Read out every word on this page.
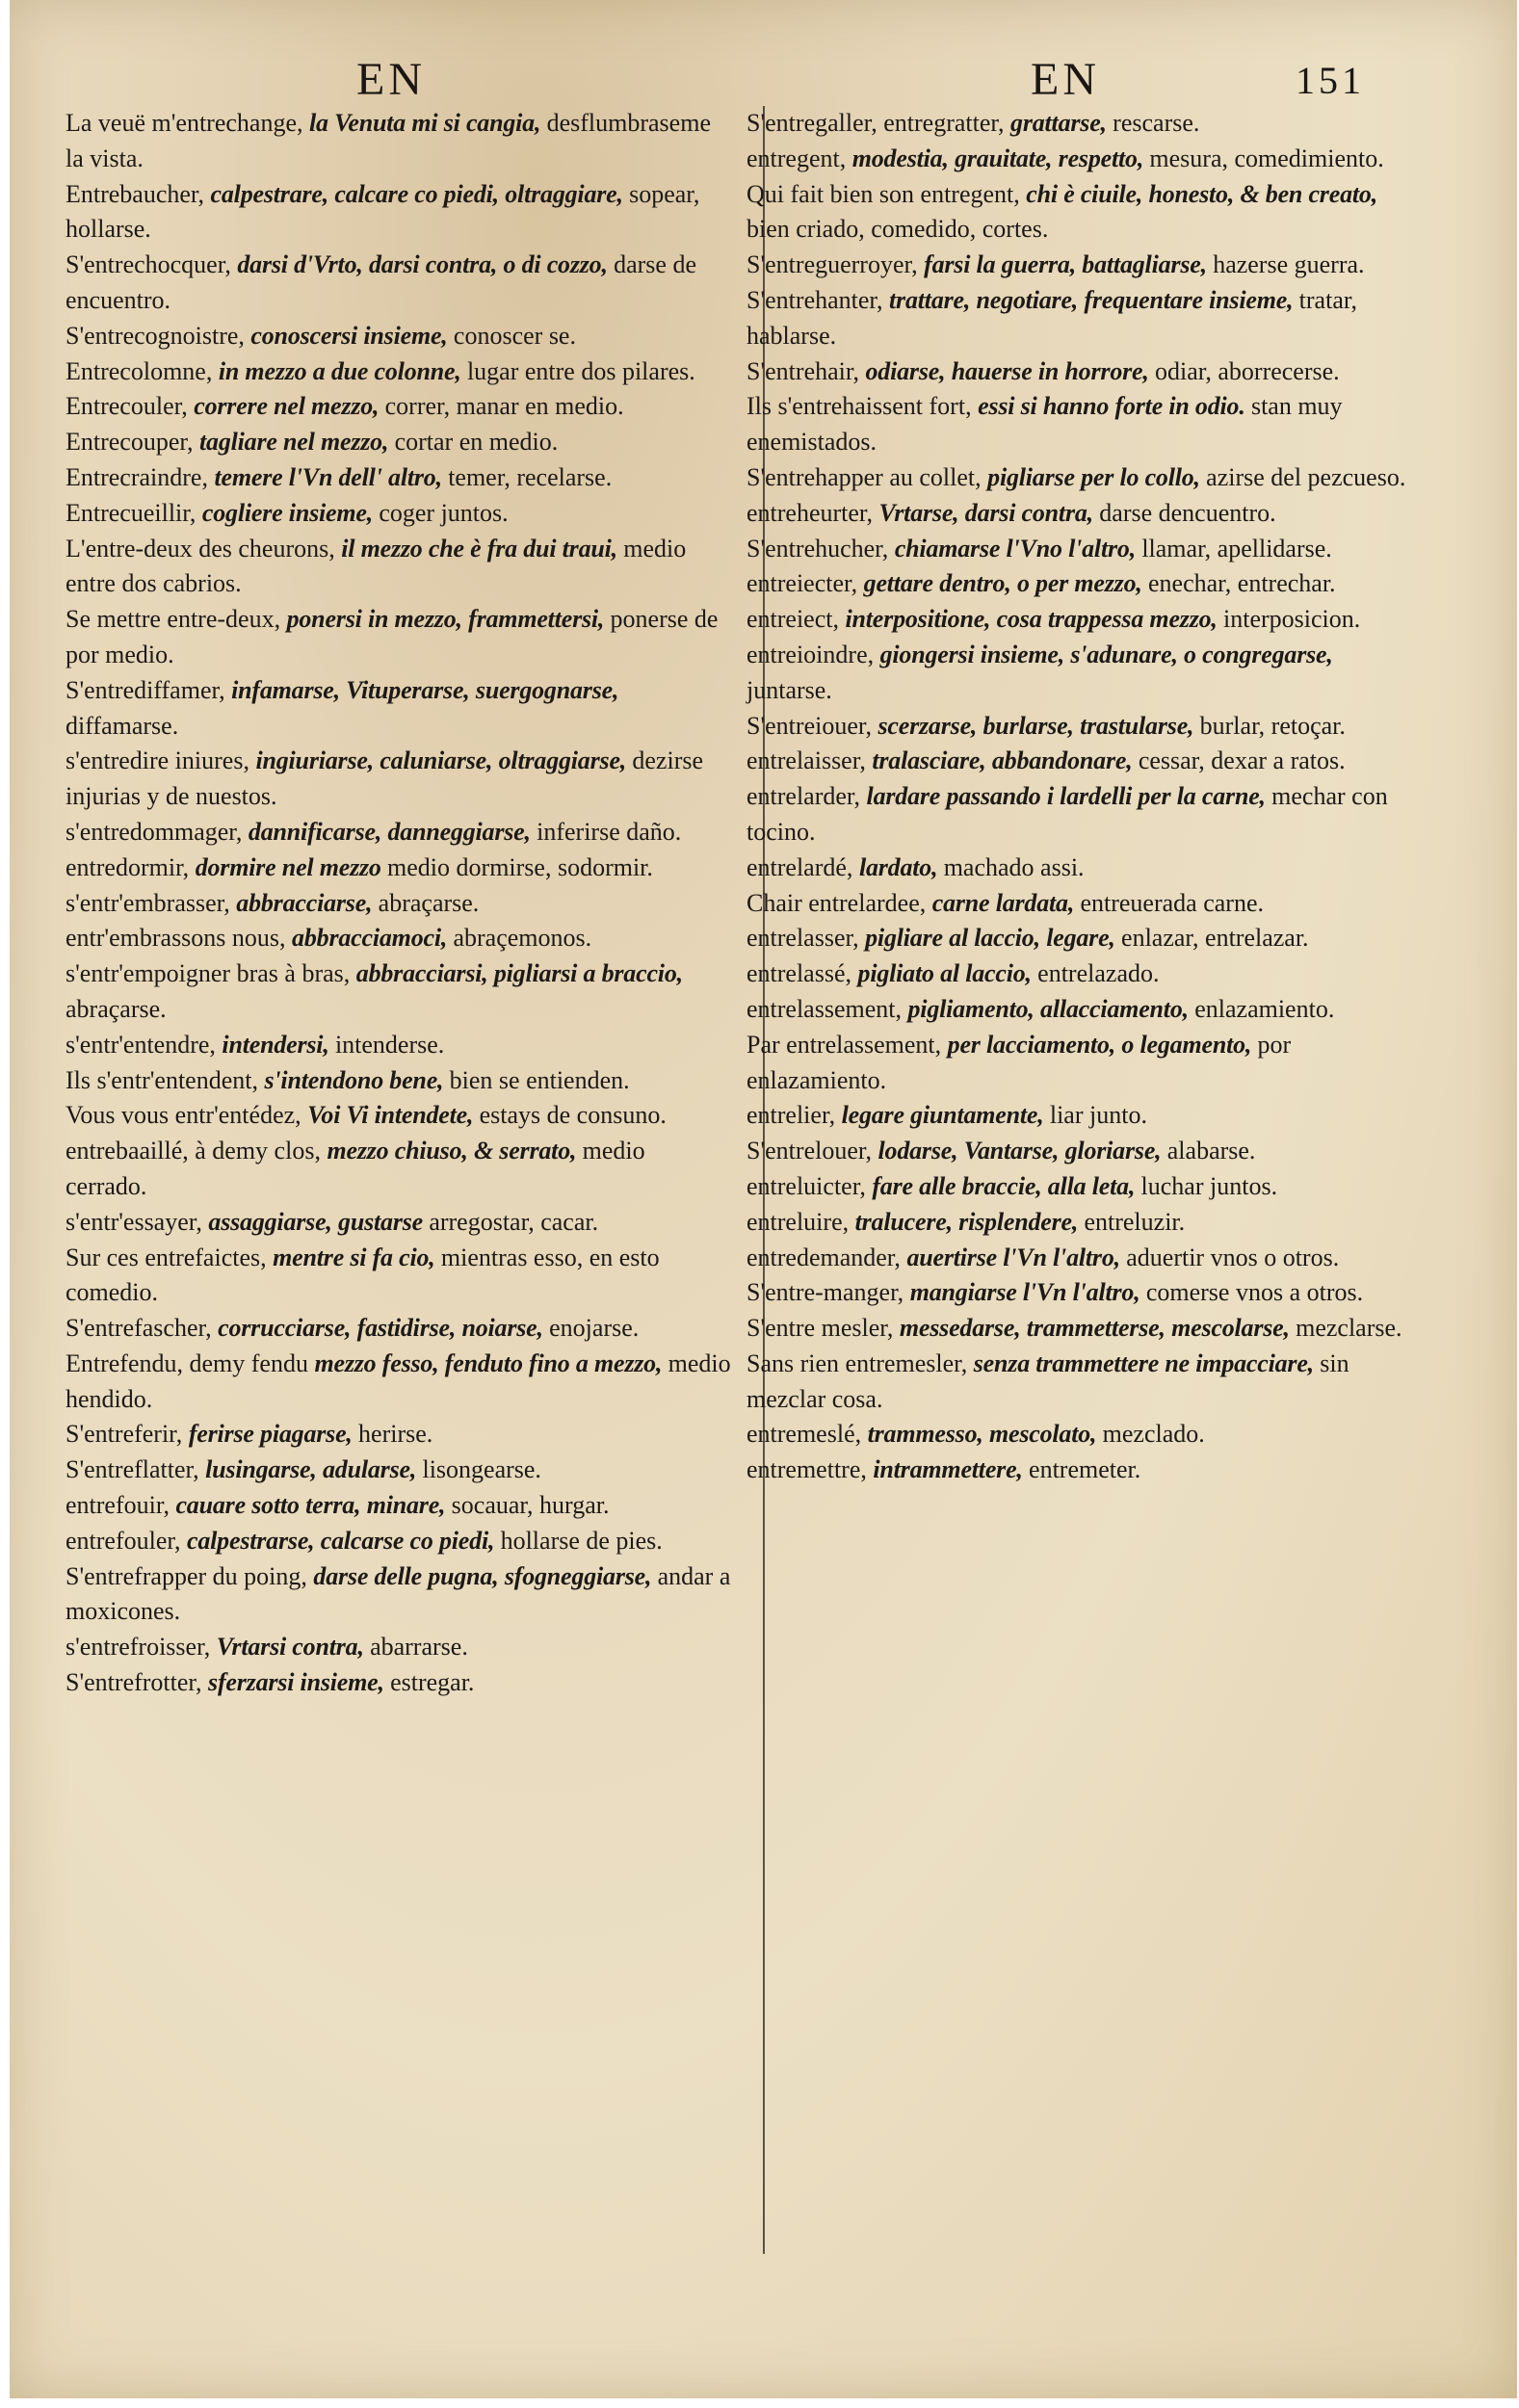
EN	EN	151

La veuë m'entrechange, la Venuta mi si cangia, desflumbraseme la vista.

Entrebaucher, calpestrare, calcare co piedi, oltraggiare, sopear, hollarse.

S'entrechocquer, darsi d'Vrto, darsi contra, o di cozzo, darse de encuentro.

S'entrecognoistre, conoscersi insieme, conoscer se.

Entrecolomne, in mezzo a due colonne, lugar entre dos pilares.

Entrecouler, correre nel mezzo, correr, manar en medio.

Entrecouper, tagliare nel mezzo, cortar en medio.

Entrecraindre, temere l'Vn dell' altro, temer, recelarse.

Entrecueillir, cogliere insieme, coger juntos.

L'entre-deux des cheurons, il mezzo che è fra dui traui, medio entre dos cabrios.

Se mettre entre-deux, ponersi in mezzo, frammettersi, ponerse de por medio.

S'entrediffamer, infamarse, Vituperarse, suergognarse, diffamarse.

s'entredire iniures, ingiuriarse, caluniarse, oltraggiarse, dezirse injurias y de nuestos.

s'entredommager, dannificarse, danneggiarse, inferirse daño.

entredormir, dormire nel mezzo medio dormirse, sodormir.

s'entr'embrasser, abbracciarse, abraçarse.

entr'embrassons nous, abbracciamoci, abraçemonos.

s'entr'empoigner bras à bras, abbracciarsi, pigliarsi a braccio, abraçarse.

s'entr'entendre, intendersi, intenderse.

Ils s'entr'entendent, s'intendono bene, bien se entienden.

Vous vous entr'entédez, Voi Vi intendete, estays de consuno.

entrebaaillé, à demy clos, mezzo chiuso, & serrato, medio cerrado.

s'entr'essayer, assaggiarse, gustarse arregostar, cacar.

Sur ces entrefaictes, mentre si fa cio, mientras esso, en esto comedio.

S'entrefascher, corrucciarse, fastidirse, noiarse, enojarse.

Entrefendu, demy fendu mezzo fesso, fenduto fino a mezzo, medio hendido.

S'entreferir, ferirse piagarse, herirse.

S'entreflatter, lusingarse, adularse, lisongearse.

entrefouir, cauare sotto terra, minare, socauar, hurgar.

entrefouler, calpestrarse, calcarse co piedi, hollarse de pies.

S'entrefrapper du poing, darse delle pugna, sfogneggiarse, andar a moxicones.

s'entrefroisser, Vrtarsi contra, abarrarse.

S'entrefrotter, sferzarsi insieme, estregar.

S'entregaller, entregratter, grattarse, rescarse.

entregent, modestia, grauitate, respetto, mesura, comedimiento.

Qui fait bien son entregent, chi è ciuile, honesto, & ben creato, bien criado, comedido, cortes.

S'entreguerroyer, farsi la guerra, battagliarse, hazerse guerra.

S'entrehanter, trattare, negotiare, frequentare insieme, tratar, hablarse.

S'entrehair, odiarse, hauerse in horrore, odiar, aborrecerse.

Ils s'entrehaissent fort, essi si hanno forte in odio. stan muy enemistados.

S'entrehapper au collet, pigliarse per lo collo, azirse del pezcueso.

entreheurter, Vrtarse, darsi contra, darse dencuentro.

S'entrehucher, chiamarse l'Vno l'altro, llamar, apellidarse.

entreiecter, gettare dentro, o per mezzo, enechar, entrechar.

entreiect, interpositione, cosa trappessa mezzo, interposicion.

entreioindre, giongersi insieme, s'adunare, o congregarse, juntarse.

S'entreiouer, scerzarse, burlarse, trastularse, burlar, retoçar.

entrelaisser, tralasciare, abbandonare, cessar, dexar a ratos.

entrelarder, lardare passando i lardelli per la carne, mechar con tocino.

entrelardé, lardato, machado assi.

Chair entrelardee, carne lardata, entreuerada carne.

entrelasser, pigliare al laccio, legare, enlazar, entrelazar.

entrelassé, pigliato al laccio, entrelazado.

entrelassement, pigliamento, allacciamento, enlazamiento.

Par entrelassement, per lacciamento, o legamento, por enlazamiento.

entrelier, legare giuntamente, liar junto.

S'entrelouer, lodarse, Vantarse, gloriarse, alabarse.

entreluicter, fare alle braccie, alla leta, luchar juntos.

entreluire, tralucere, risplendere, entreluzir.

entredemander, auertirse l'Vn l'altro, aduertir vnos o otros.

S'entre-manger, mangiarse l'Vn l'altro, comerse vnos a otros.

S'entre mesler, messedarse, trammetterse, mescolarse, mezclarse.

Sans rien entremesler, senza trammettere ne impacciare, sin mezclar cosa.

entremeslé, trammesso, mescolato, mezclado.

entremettre, intrammettere, entremeter.
